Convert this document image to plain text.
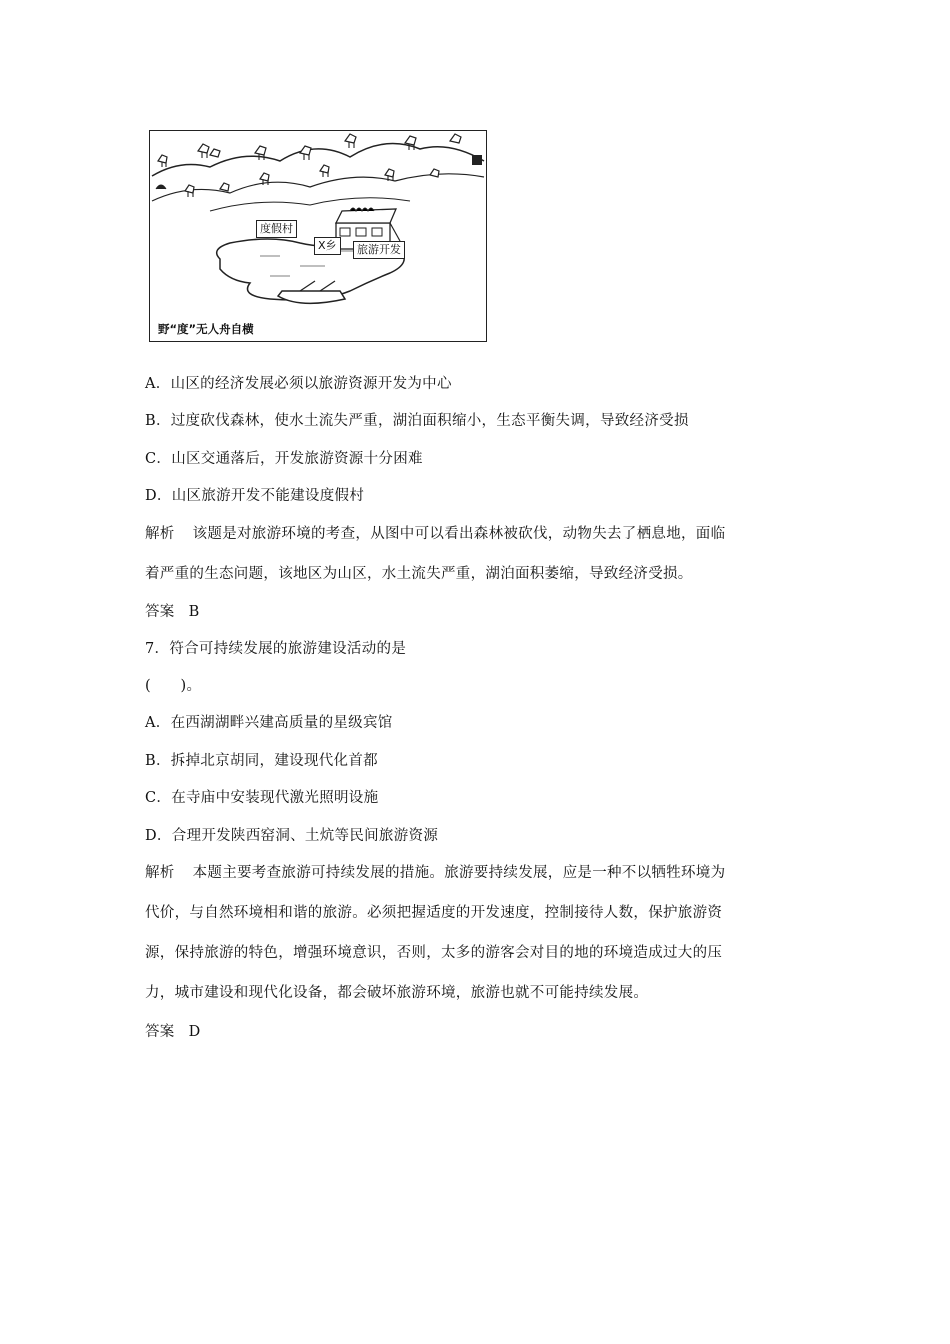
度假村
X乡	旅游开发
野“度”无人舟自横
A．山区的经济发展必须以旅游资源开发为中心
B．过度砍伐森林，使水土流失严重，湖泊面积缩小，生态平衡失调，导致经济受损
C．山区交通落后，开发旅游资源十分困难
D．山区旅游开发不能建设度假村
解析 该题是对旅游环境的考查，从图中可以看出森林被砍伐，动物失去了栖息地，面临
着严重的生态问题，该地区为山区，水土流失严重，湖泊面积萎缩，导致经济受损。
答案 B
7．符合可持续发展的旅游建设活动的是
(　　)。
A．在西湖湖畔兴建高质量的星级宾馆
B．拆掉北京胡同，建设现代化首都
C．在寺庙中安装现代激光照明设施
D．合理开发陕西窑洞、土炕等民间旅游资源
解析 本题主要考查旅游可持续发展的措施。旅游要持续发展，应是一种不以牺牲环境为
代价，与自然环境相和谐的旅游。必须把握适度的开发速度，控制接待人数，保护旅游资
源，保持旅游的特色，增强环境意识，否则，太多的游客会对目的地的环境造成过大的压
力，城市建设和现代化设备，都会破坏旅游环境，旅游也就不可能持续发展。
答案 D
